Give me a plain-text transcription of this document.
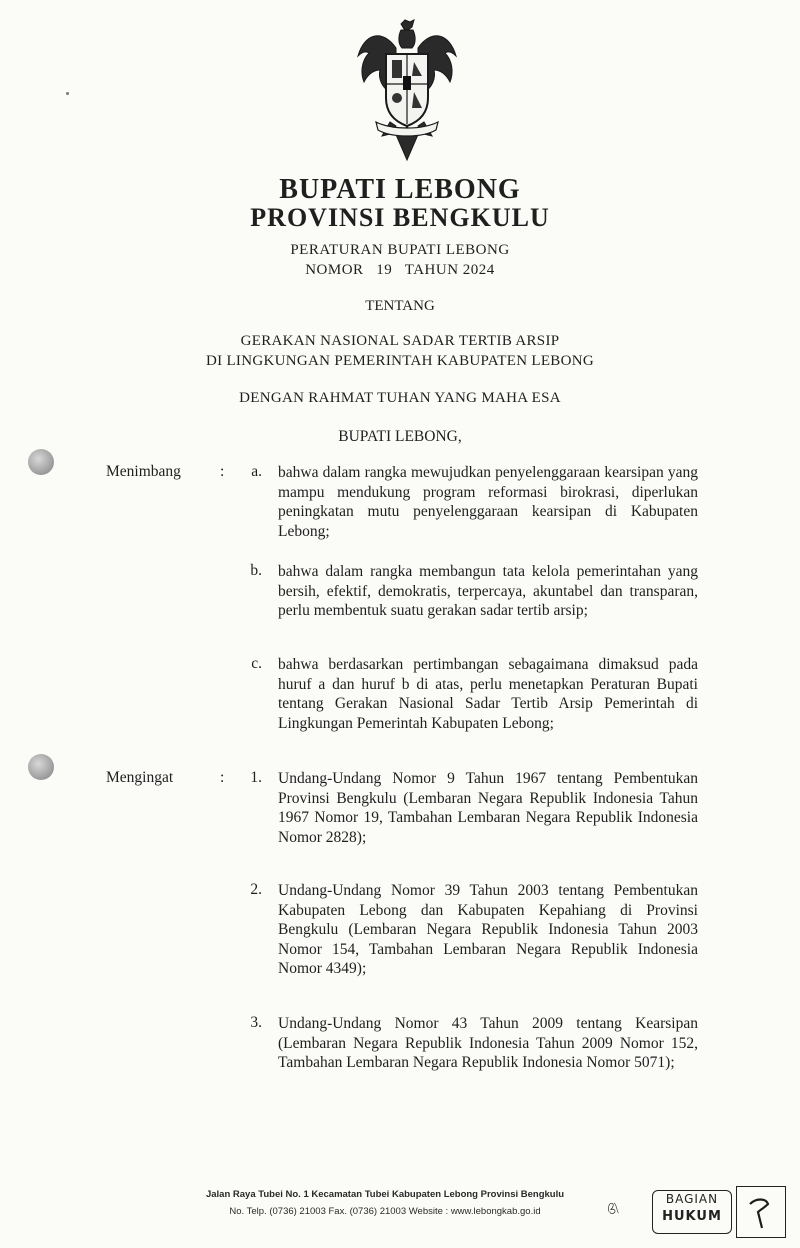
BUPATI LEBONG
PROVINSI BENGKULU
PERATURAN BUPATI LEBONG
NOMOR   19   TAHUN 2024
TENTANG
GERAKAN NASIONAL SADAR TERTIB ARSIP
DI LINGKUNGAN PEMERINTAH KABUPATEN LEBONG
DENGAN RAHMAT TUHAN YANG MAHA ESA
BUPATI LEBONG,
Menimbang	:	a. bahwa dalam rangka mewujudkan penyelenggaraan kearsipan yang mampu mendukung program reformasi birokrasi, diperlukan peningkatan mutu penyelenggaraan kearsipan di Kabupaten Lebong;

b. bahwa dalam rangka membangun tata kelola pemerintahan yang bersih, efektif, demokratis, terpercaya, akuntabel dan transparan, perlu membentuk suatu gerakan sadar tertib arsip;

c. bahwa berdasarkan pertimbangan sebagaimana dimaksud pada huruf a dan huruf b di atas, perlu menetapkan Peraturan Bupati tentang Gerakan Nasional Sadar Tertib Arsip Pemerintah di Lingkungan Pemerintah Kabupaten Lebong;

Mengingat	:	1. Undang-Undang Nomor 9 Tahun 1967 tentang Pembentukan Provinsi Bengkulu (Lembaran Negara Republik Indonesia Tahun 1967 Nomor 19, Tambahan Lembaran Negara Republik Indonesia Nomor 2828);

2. Undang-Undang Nomor 39 Tahun 2003 tentang Pembentukan Kabupaten Lebong dan Kabupaten Kepahiang di Provinsi Bengkulu (Lembaran Negara Republik Indonesia Tahun 2003 Nomor 154, Tambahan Lembaran Negara Republik Indonesia Nomor 4349);

3. Undang-Undang Nomor 43 Tahun 2009 tentang Kearsipan (Lembaran Negara Republik Indonesia Tahun 2009 Nomor 152, Tambahan Lembaran Negara Republik Indonesia Nomor 5071);

Jalan Raya Tubei No. 1 Kecamatan Tubei Kabupaten Lebong Provinsi Bengkulu
No. Telp. (0736) 21003 Fax. (0736) 21003 Website : www.lebongkab.go.id
BAGIAN
HUKUM
